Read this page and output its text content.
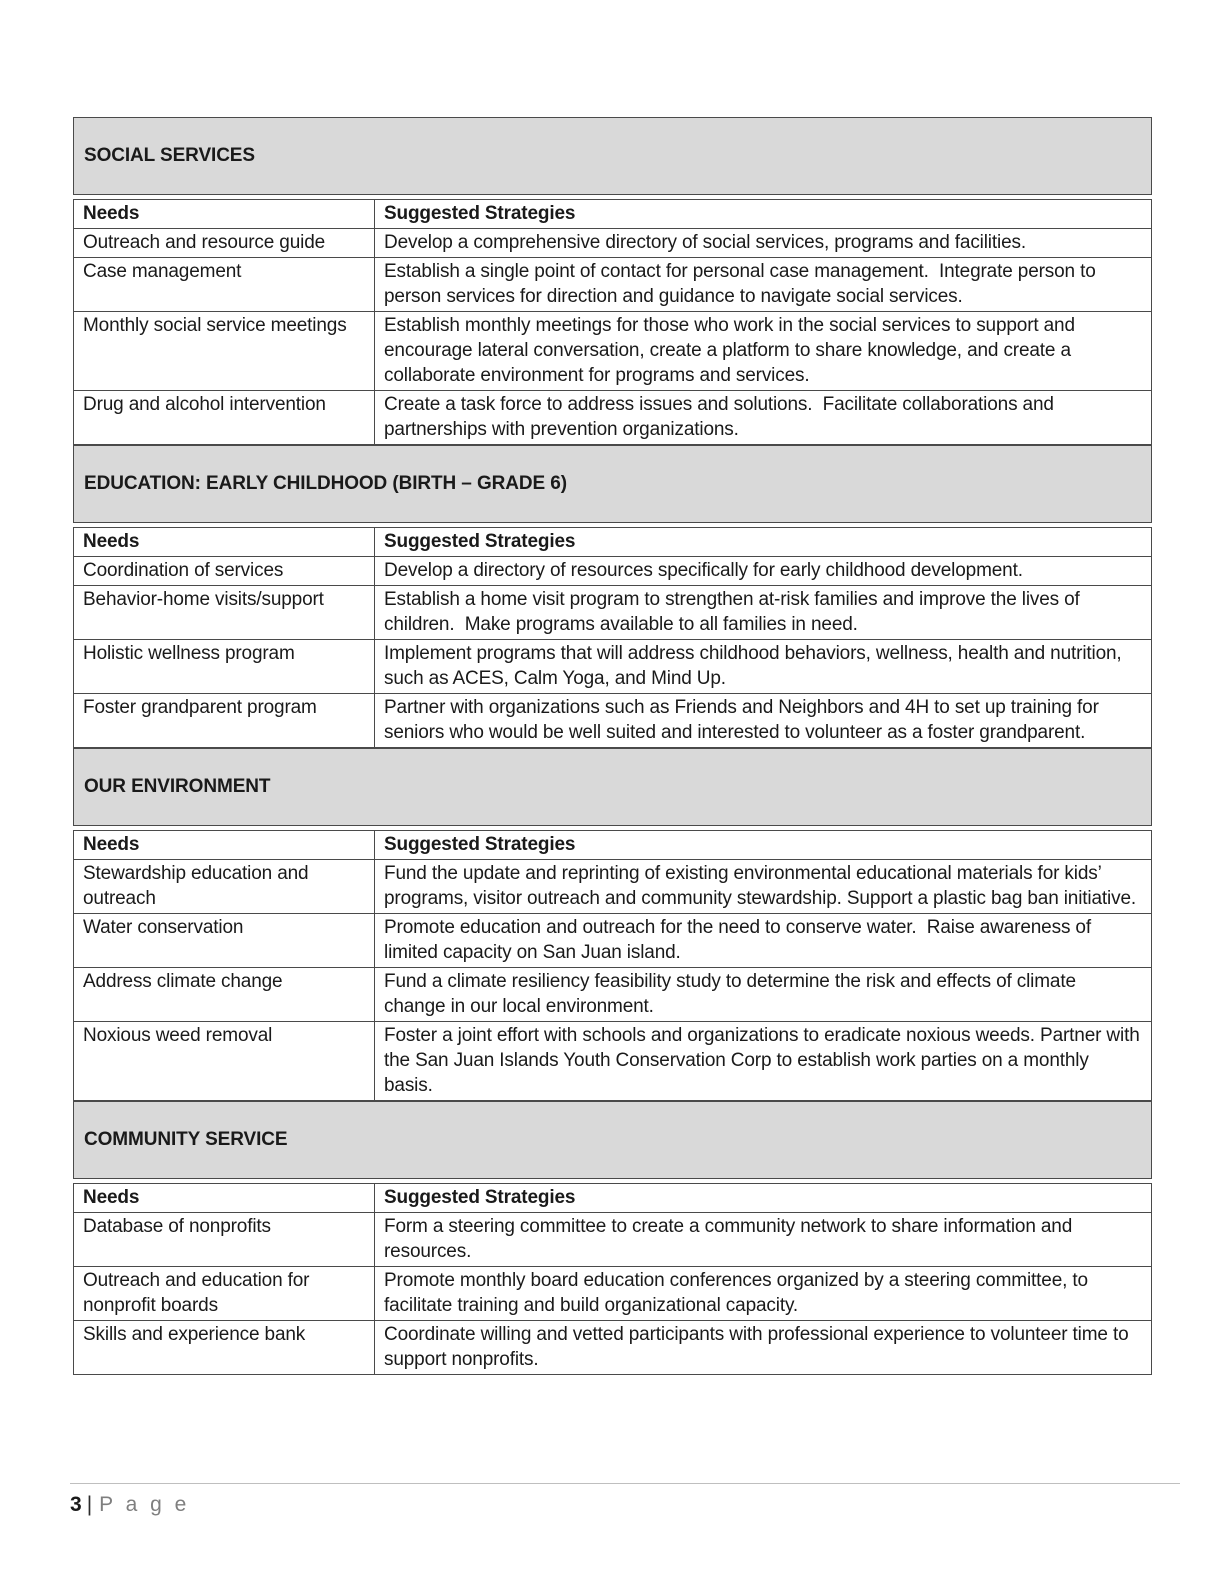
SOCIAL SERVICES
Needs	Suggested Strategies
Outreach and resource guide	Develop a comprehensive directory of social services, programs and facilities.
Case management	Establish a single point of contact for personal case management.  Integrate person to person services for direction and guidance to navigate social services.
Monthly social service meetings	Establish monthly meetings for those who work in the social services to support and encourage lateral conversation, create a platform to share knowledge, and create a collaborate environment for programs and services.
Drug and alcohol intervention	Create a task force to address issues and solutions.  Facilitate collaborations and partnerships with prevention organizations.
EDUCATION: EARLY CHILDHOOD (BIRTH – GRADE 6)
Needs	Suggested Strategies
Coordination of services	Develop a directory of resources specifically for early childhood development.
Behavior-home visits/support	Establish a home visit program to strengthen at-risk families and improve the lives of children.  Make programs available to all families in need.
Holistic wellness program	Implement programs that will address childhood behaviors, wellness, health and nutrition, such as ACES, Calm Yoga, and Mind Up.
Foster grandparent program	Partner with organizations such as Friends and Neighbors and 4H to set up training for seniors who would be well suited and interested to volunteer as a foster grandparent.
OUR ENVIRONMENT
Needs	Suggested Strategies
Stewardship education and outreach	Fund the update and reprinting of existing environmental educational materials for kids’ programs, visitor outreach and community stewardship. Support a plastic bag ban initiative.
Water conservation	Promote education and outreach for the need to conserve water.  Raise awareness of limited capacity on San Juan island.
Address climate change	Fund a climate resiliency feasibility study to determine the risk and effects of climate change in our local environment.
Noxious weed removal	Foster a joint effort with schools and organizations to eradicate noxious weeds. Partner with the San Juan Islands Youth Conservation Corp to establish work parties on a monthly basis.
COMMUNITY SERVICE
Needs	Suggested Strategies
Database of nonprofits	Form a steering committee to create a community network to share information and resources.
Outreach and education for nonprofit boards	Promote monthly board education conferences organized by a steering committee, to facilitate training and build organizational capacity.
Skills and experience bank	Coordinate willing and vetted participants with professional experience to volunteer time to support nonprofits.
3 | P a g e
